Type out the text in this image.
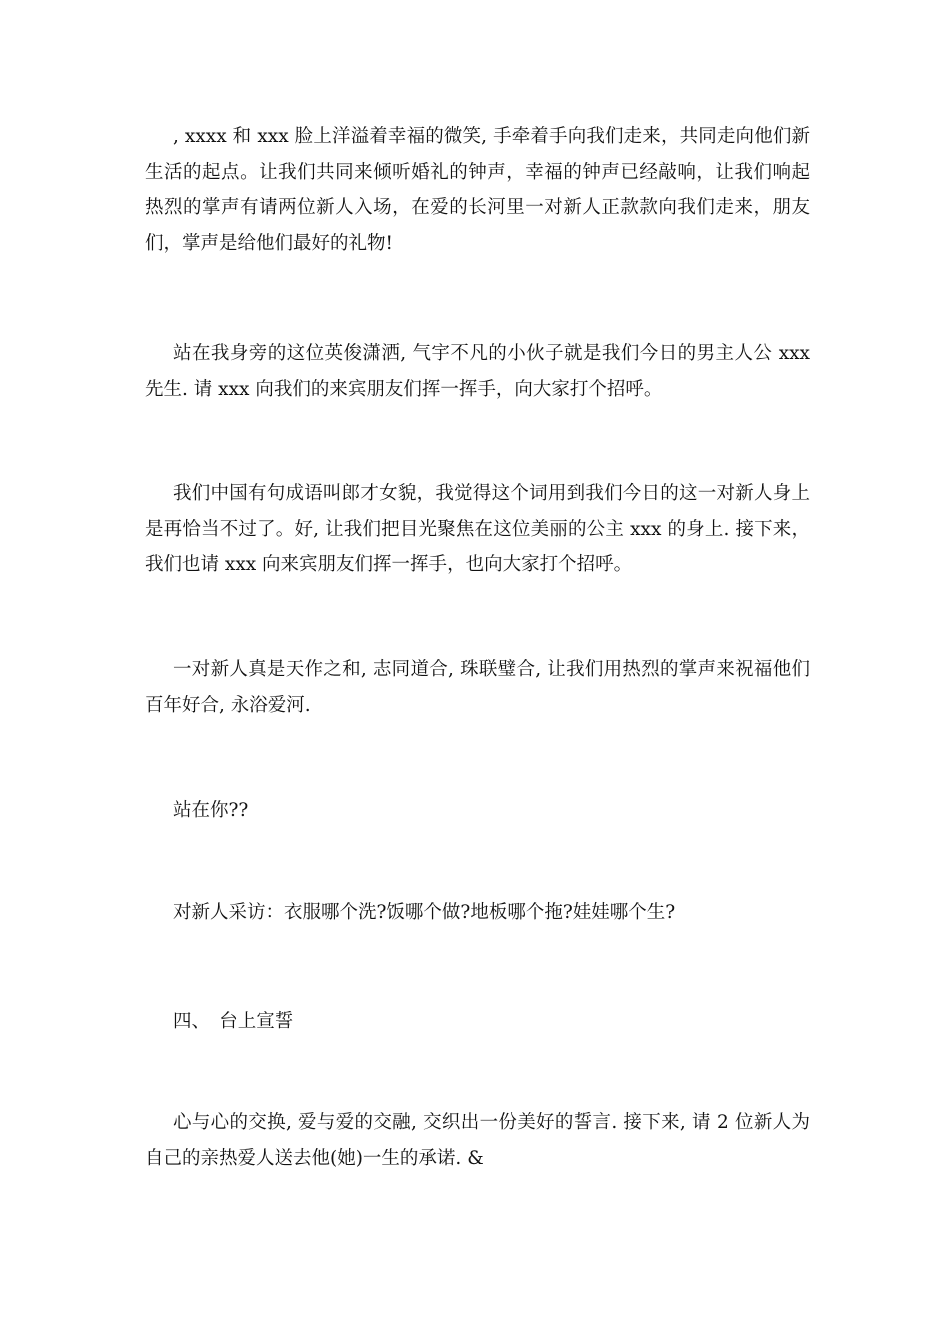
, xxxx 和 xxx 脸上洋溢着幸福的微笑, 手牵着手向我们走来，共同走向他们新生活的起点。让我们共同来倾听婚礼的钟声，幸福的钟声已经敲响，让我们响起热烈的掌声有请两位新人入场，在爱的长河里一对新人正款款向我们走来，朋友们，掌声是给他们最好的礼物!

站在我身旁的这位英俊潇洒, 气宇不凡的小伙子就是我们今日的男主人公 xxx 先生. 请 xxx 向我们的来宾朋友们挥一挥手，向大家打个招呼。

我们中国有句成语叫郎才女貌，我觉得这个词用到我们今日的这一对新人身上是再恰当不过了。好, 让我们把目光聚焦在这位美丽的公主 xxx 的身上. 接下来，我们也请 xxx 向来宾朋友们挥一挥手，也向大家打个招呼。

一对新人真是天作之和, 志同道合, 珠联璧合, 让我们用热烈的掌声来祝福他们百年好合, 永浴爱河.

站在你??

对新人采访：衣服哪个洗?饭哪个做?地板哪个拖?娃娃哪个生?

四、　台上宣誓

心与心的交换, 爱与爱的交融, 交织出一份美好的誓言. 接下来, 请 2 位新人为自己的亲热爱人送去他(她)一生的承诺. &
